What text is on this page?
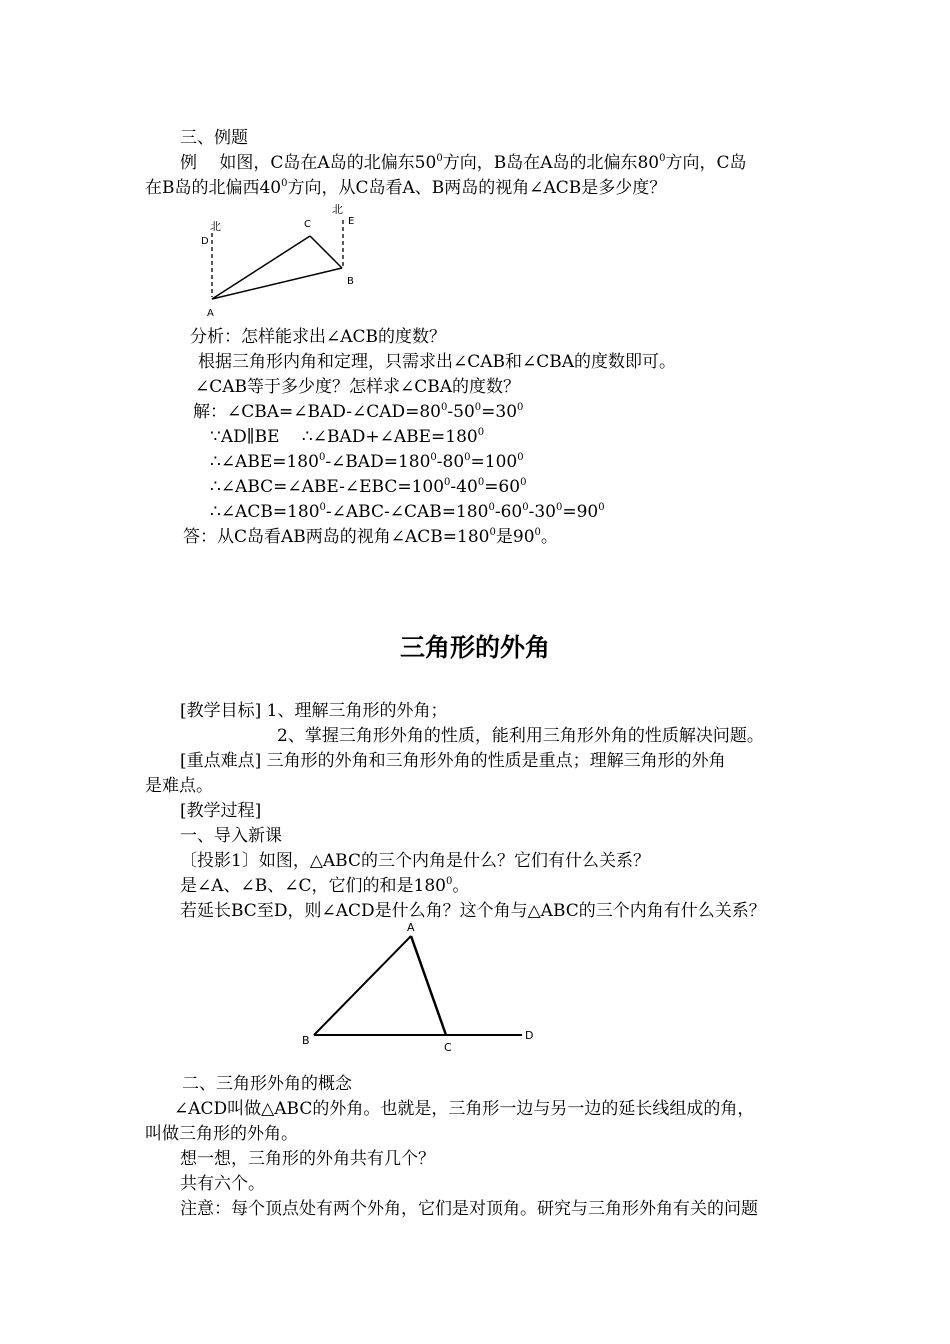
三、例题
例　 如图，C岛在A岛的北偏东$50^0$方向，B岛在A岛的北偏东$80^0$方向，C岛
在B岛的北偏西$40^0$方向，从C岛看A、B两岛的视角∠ACB是多少度？
北
D
C
北
E
B
A
分析：怎样能求出∠ACB的度数？
根据三角形内角和定理，只需求出∠CAB和∠CBA的度数即可。
∠CAB等于多少度？怎样求∠CBA的度数？
解：$\angle CBA=\angle BAD-\angle CAD=80^0-50^0=30^0$
∵AD∥BE　 $\therefore\angle BAD+\angle ABE=180^0$
$\therefore\angle ABE=180^0-\angle BAD=180^0-80^0=100^0$
$\therefore\angle ABC=\angle ABE-\angle EBC=100^0-40^0=60^0$
$\therefore\angle ACB=180^0-\angle ABC-\angle CAB=180^0-60^0-30^0=90^0$
答：从C岛看AB两岛的视角$\angle ACB=180^0$是$90^0$。
三角形的外角
[教学目标] 1、理解三角形的外角；
2、掌握三角形外角的性质，能利用三角形外角的性质解决问题。
[重点难点] 三角形的外角和三角形外角的性质是重点；理解三角形的外角
是难点。
[教学过程]
一、导入新课
〔投影1〕如图，△ABC的三个内角是什么？它们有什么关系？
是∠A、∠B、∠C，它们的和是$180^0$。
若延长BC至D，则∠ACD是什么角？这个角与△ABC的三个内角有什么关系？
A
B
C
D
二、三角形外角的概念
∠ACD叫做△ABC的外角。也就是，三角形一边与另一边的延长线组成的角，
叫做三角形的外角。
想一想，三角形的外角共有几个？
共有六个。
注意：每个顶点处有两个外角，它们是对顶角。研究与三角形外角有关的问题
